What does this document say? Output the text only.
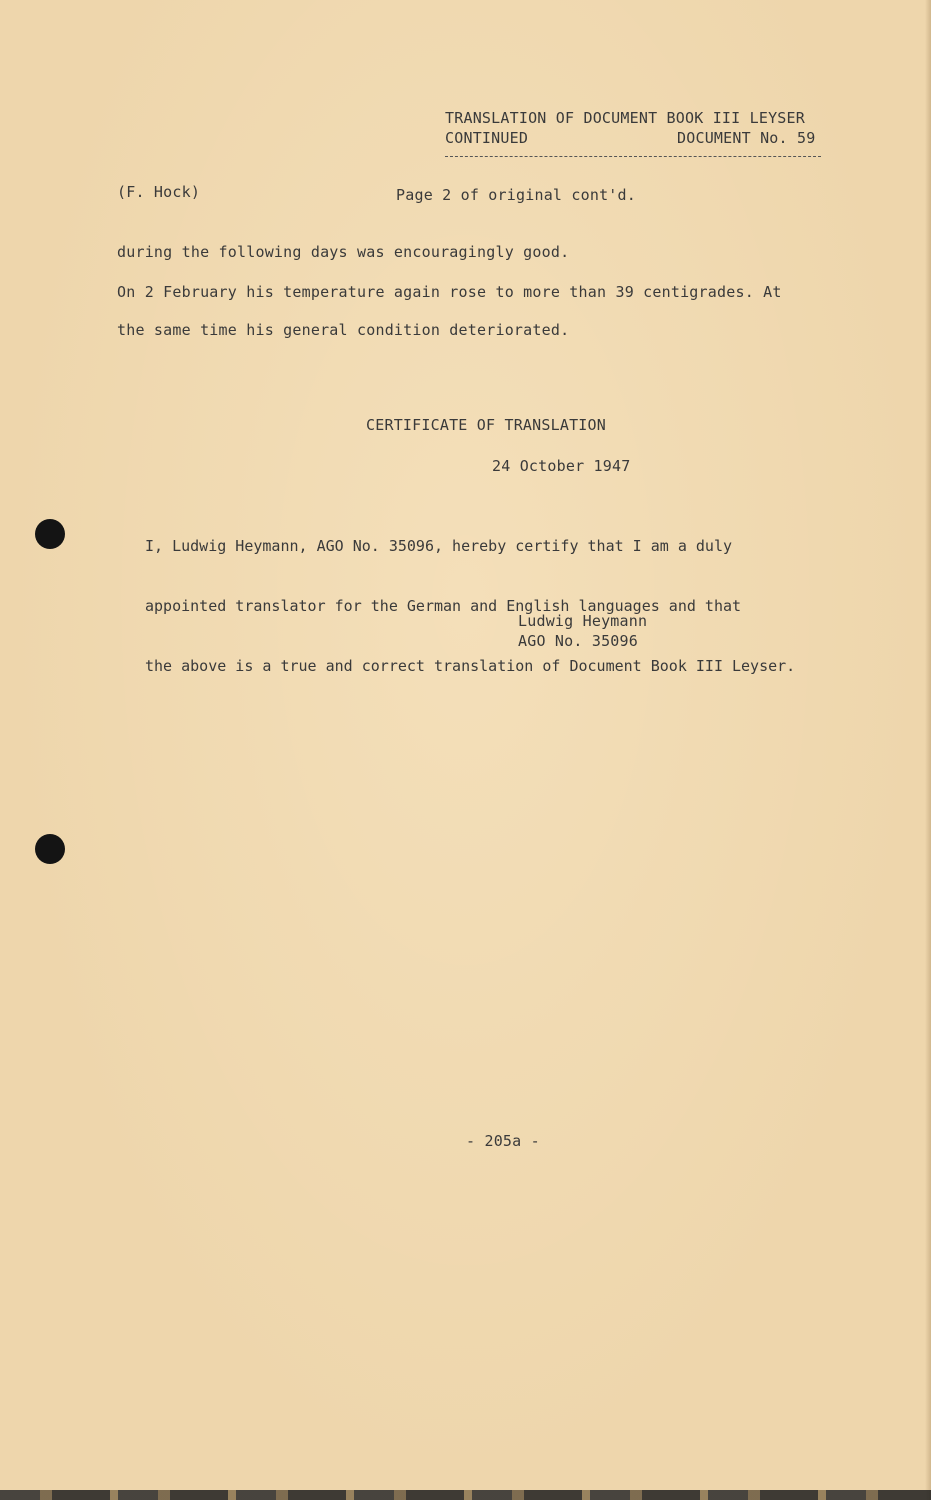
TRANSLATION OF DOCUMENT BOOK III LEYSER
CONTINUED	DOCUMENT No. 59
(F. Hock)	Page 2 of original cont'd.
during the following days was encouragingly good.
On 2 February his temperature again rose to more than 39 centigrades. At
the same time his general condition deteriorated.
CERTIFICATE OF TRANSLATION
24 October 1947

I, Ludwig Heymann, AGO No. 35096, hereby certify that I am a duly

appointed translator for the German and English languages and that

the above is a true and correct translation of Document Book III Leyser.

Ludwig Heymann
AGO No. 35096
- 205a -
